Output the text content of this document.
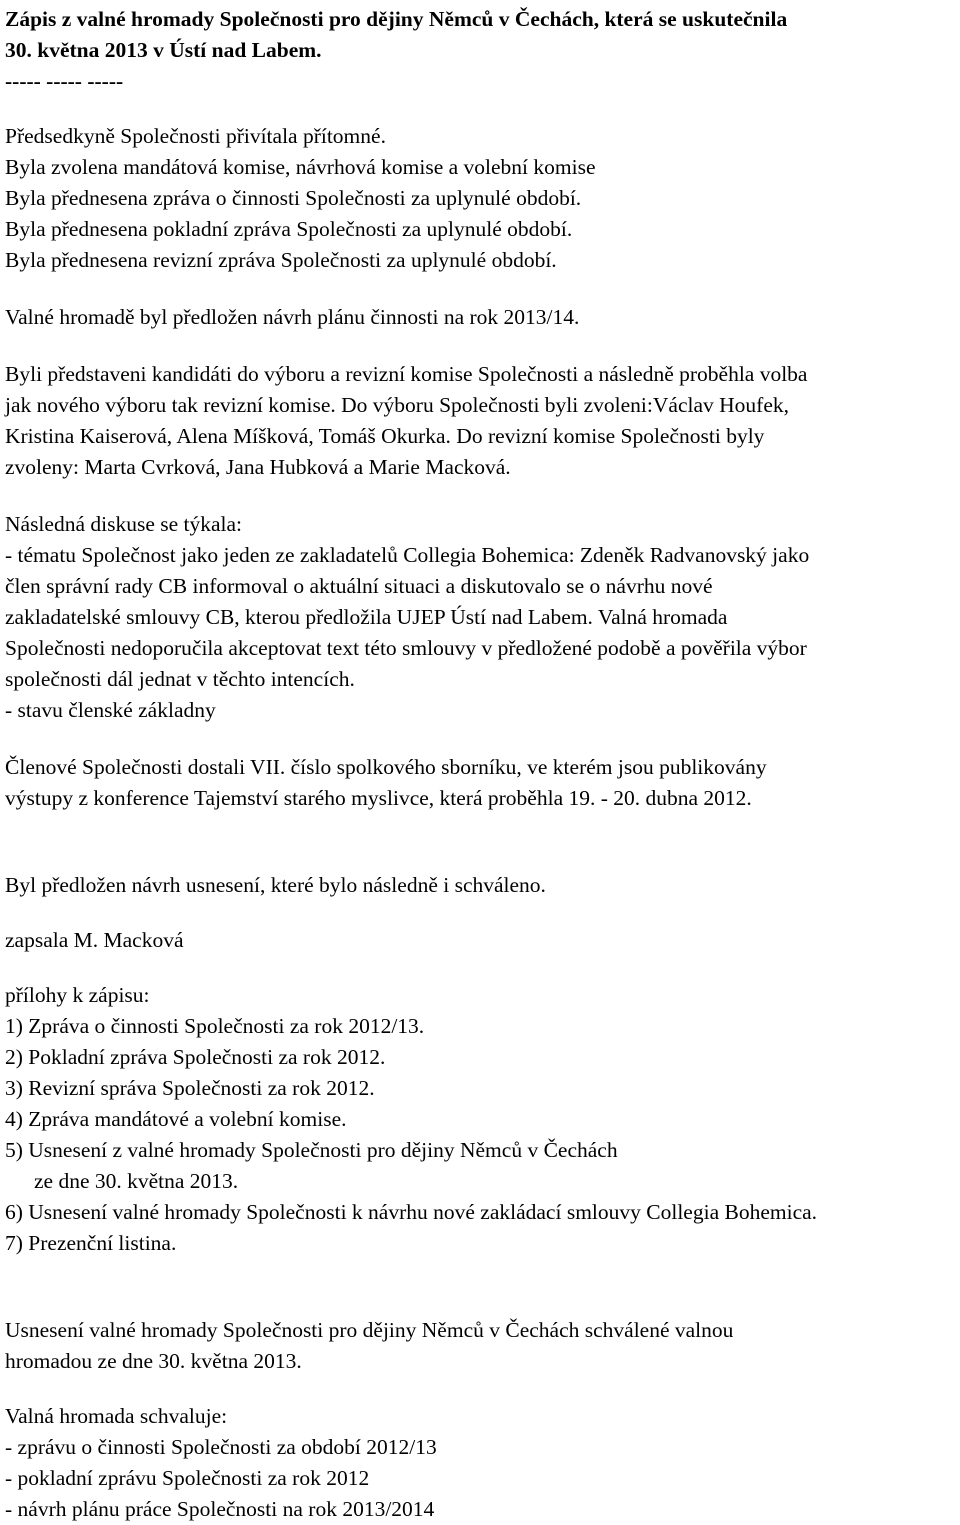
Zápis z valné hromady Společnosti pro dějiny Němců v Čechách, která se uskutečnila
30. května 2013 v Ústí nad Labem.
----- ----- -----
Předsedkyně Společnosti přivítala přítomné.
Byla zvolena mandátová komise, návrhová komise a volební komise
Byla přednesena zpráva o činnosti Společnosti za uplynulé období.
Byla přednesena pokladní zpráva Společnosti za uplynulé období.
Byla přednesena revizní zpráva Společnosti za uplynulé období.
Valné hromadě byl předložen návrh plánu činnosti na rok 2013/14.
Byli představeni kandidáti do výboru a revizní komise Společnosti a následně proběhla volba
jak nového výboru tak revizní komise. Do výboru Společnosti byli zvoleni:Václav Houfek,
Kristina Kaiserová, Alena Míšková, Tomáš Okurka. Do revizní komise Společnosti byly
zvoleny: Marta Cvrková, Jana Hubková a Marie Macková.
Následná diskuse se týkala:
- tématu Společnost jako jeden ze zakladatelů Collegia Bohemica: Zdeněk Radvanovský jako
člen správní rady CB informoval o aktuální situaci a diskutovalo se o návrhu nové
zakladatelské smlouvy CB, kterou předložila UJEP Ústí nad Labem. Valná hromada
Společnosti nedoporučila akceptovat text této smlouvy v předložené podobě a pověřila výbor
společnosti dál jednat v těchto intencích.
- stavu členské základny
Členové Společnosti dostali VII. číslo spolkového sborníku, ve kterém jsou publikovány
výstupy z konference Tajemství starého myslivce, která proběhla 19. - 20. dubna 2012.
Byl předložen návrh usnesení, které bylo následně i schváleno.
zapsala M. Macková
přílohy k zápisu:
1) Zpráva o činnosti Společnosti za rok 2012/13.
2) Pokladní zpráva Společnosti za rok 2012.
3) Revizní správa Společnosti za rok 2012.
4) Zpráva mandátové a volební komise.
5) Usnesení z valné hromady Společnosti pro dějiny Němců v Čechách
ze dne 30. května 2013.
6) Usnesení valné hromady Společnosti k návrhu nové zakládací smlouvy Collegia Bohemica.
7) Prezenční listina.
Usnesení valné hromady Společnosti pro dějiny Němců v Čechách schválené valnou
hromadou ze dne 30. května 2013.
Valná hromada schvaluje:
- zprávu o činnosti Společnosti za období 2012/13
- pokladní zprávu Společnosti za rok 2012
- návrh plánu práce Společnosti na rok 2013/2014
